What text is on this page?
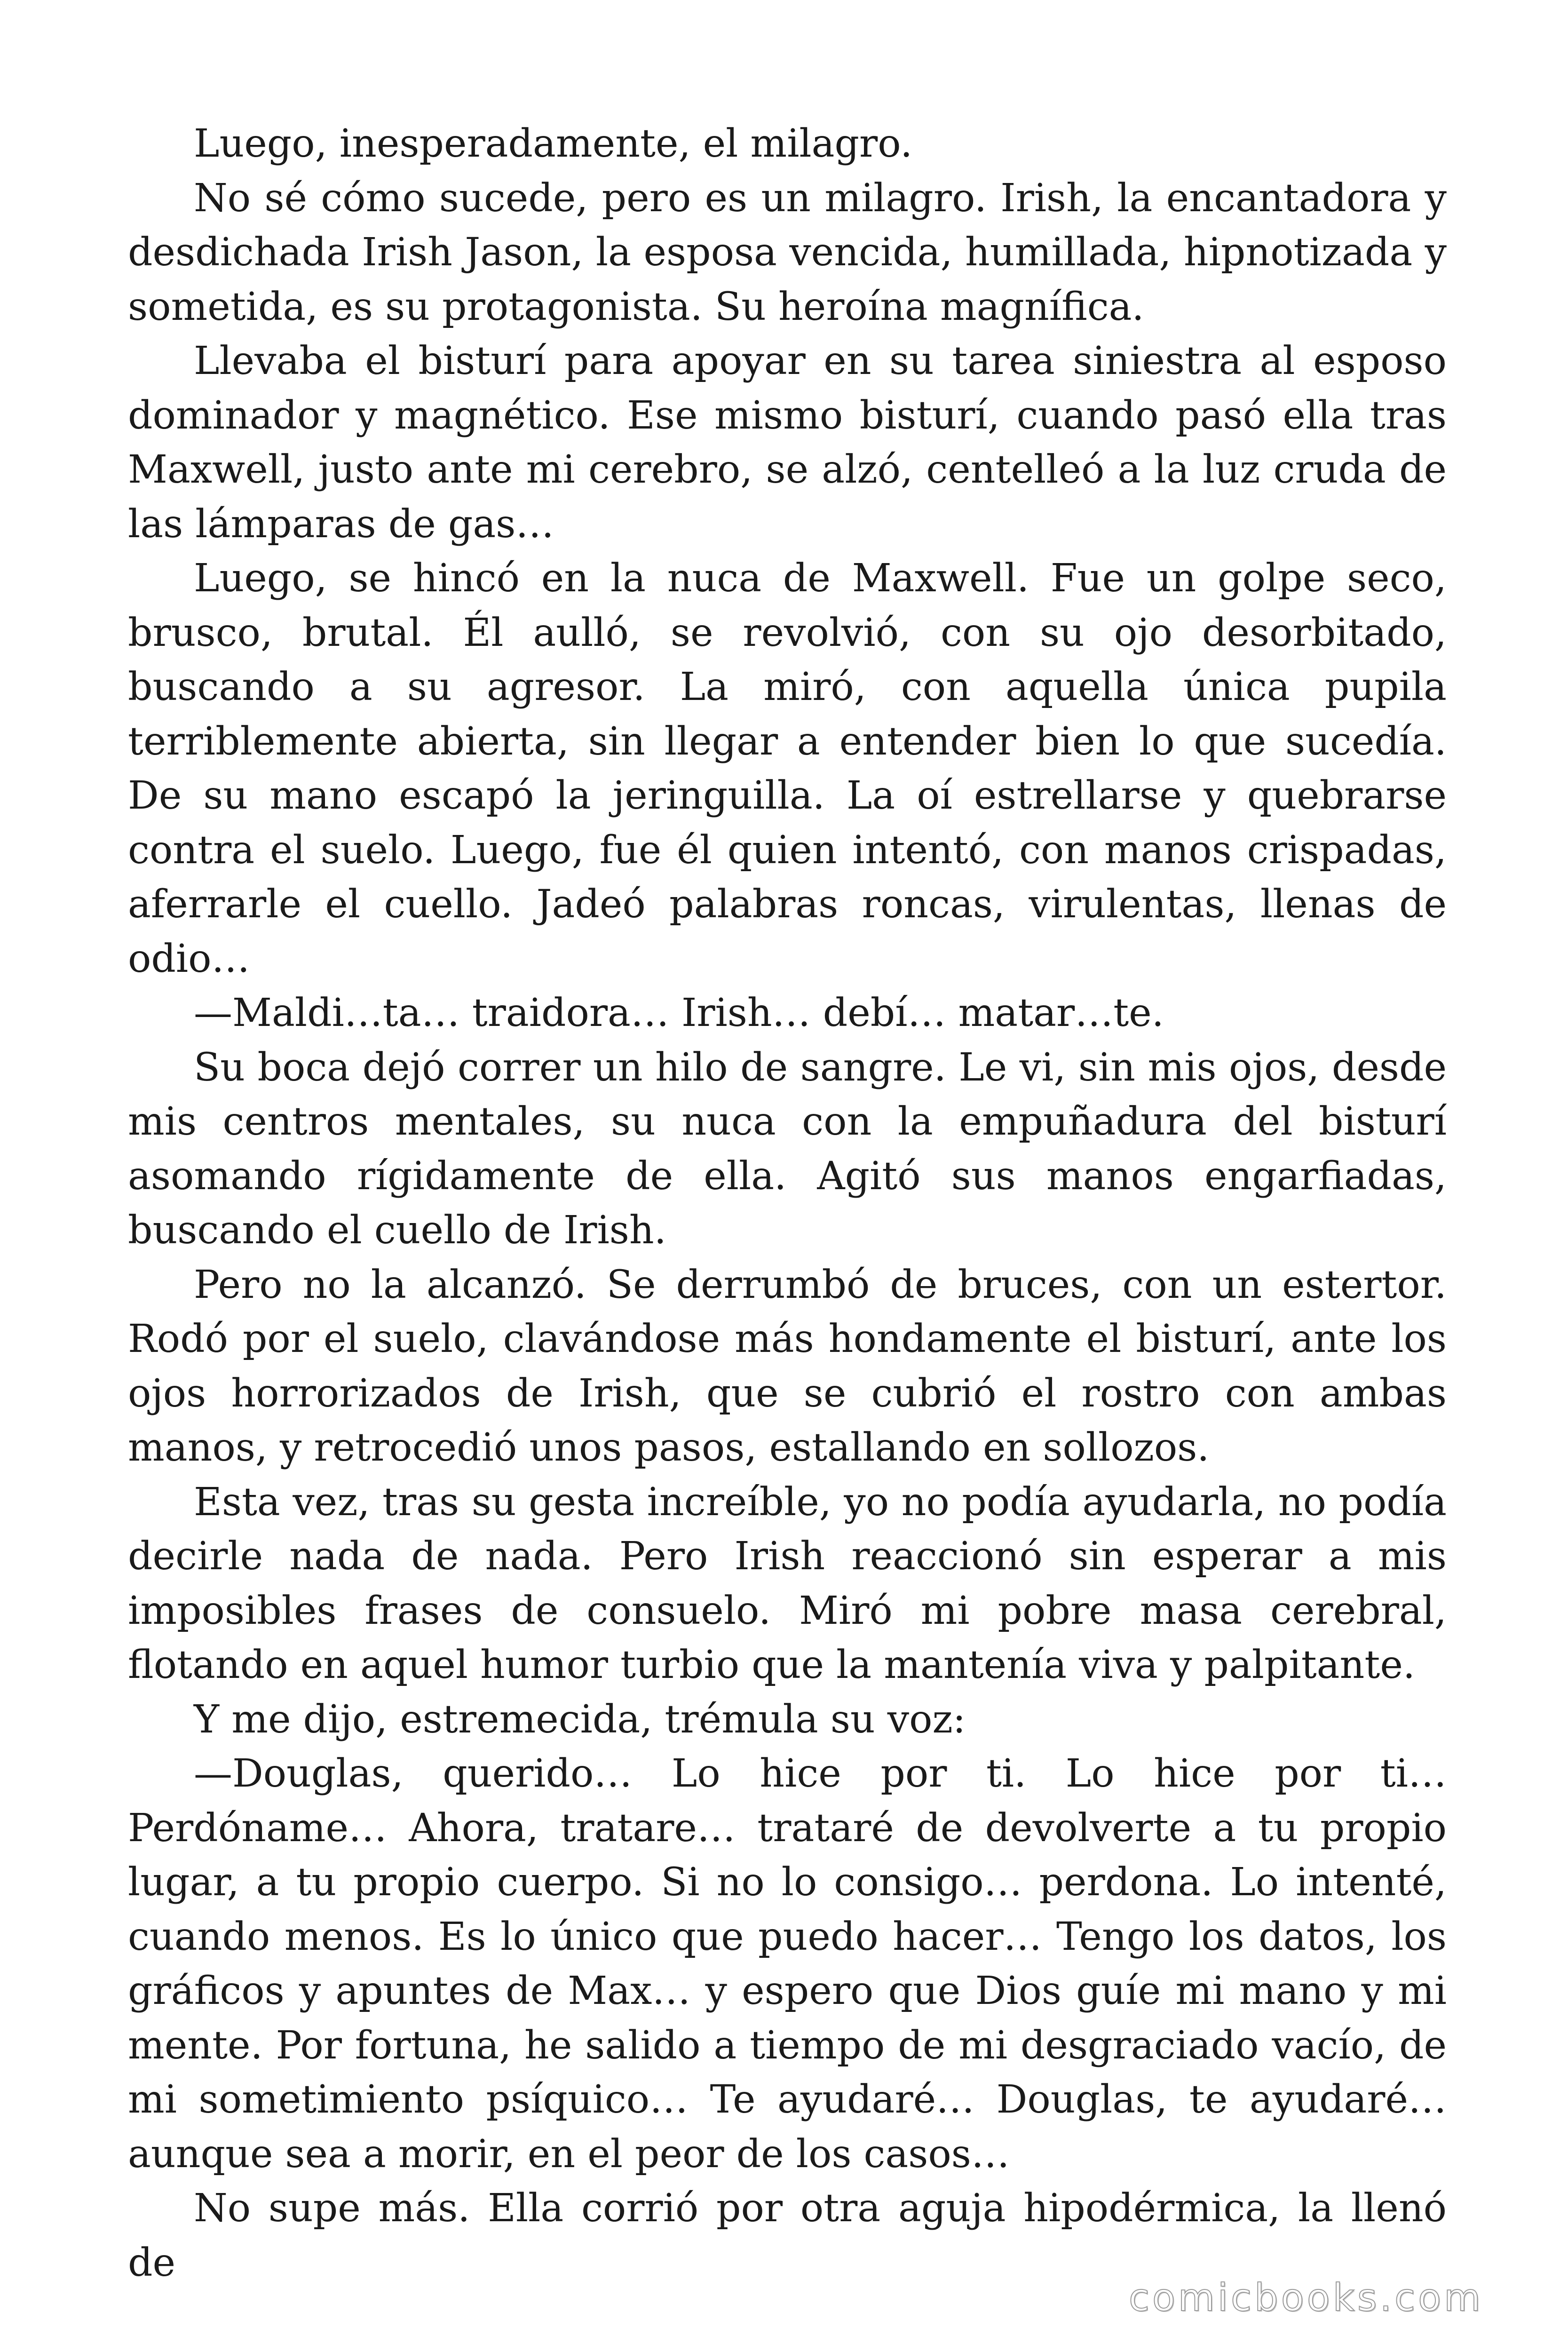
Luego, inesperadamente, el milagro.

No sé cómo sucede, pero es un milagro. Irish, la encantadora y desdichada Irish Jason, la esposa vencida, humillada, hipnotizada y sometida, es su protagonista. Su heroína magnífica.

Llevaba el bisturí para apoyar en su tarea siniestra al esposo dominador y magnético. Ese mismo bisturí, cuando pasó ella tras Maxwell, justo ante mi cerebro, se alzó, centelleó a la luz cruda de las lámparas de gas…

Luego, se hincó en la nuca de Maxwell. Fue un golpe seco, brusco, brutal. Él aulló, se revolvió, con su ojo desorbitado, buscando a su agresor. La miró, con aquella única pupila terriblemente abierta, sin llegar a entender bien lo que sucedía. De su mano escapó la jeringuilla. La oí estrellarse y quebrarse contra el suelo. Luego, fue él quien intentó, con manos crispadas, aferrarle el cuello. Jadeó palabras roncas, virulentas, llenas de odio…

—Maldi…ta… traidora… Irish… debí… matar…te.

Su boca dejó correr un hilo de sangre. Le vi, sin mis ojos, desde mis centros mentales, su nuca con la empuñadura del bisturí asomando rígidamente de ella. Agitó sus manos engarfiadas, buscando el cuello de Irish.

Pero no la alcanzó. Se derrumbó de bruces, con un estertor. Rodó por el suelo, clavándose más hondamente el bisturí, ante los ojos horrorizados de Irish, que se cubrió el rostro con ambas manos, y retrocedió unos pasos, estallando en sollozos.

Esta vez, tras su gesta increíble, yo no podía ayudarla, no podía decirle nada de nada. Pero Irish reaccionó sin esperar a mis imposibles frases de consuelo. Miró mi pobre masa cerebral, flotando en aquel humor turbio que la mantenía viva y palpitante.

Y me dijo, estremecida, trémula su voz:

—Douglas, querido… Lo hice por ti. Lo hice por ti… Perdóname… Ahora, tratare… trataré de devolverte a tu propio lugar, a tu propio cuerpo. Si no lo consigo… perdona. Lo intenté, cuando menos. Es lo único que puedo hacer… Tengo los datos, los gráficos y apuntes de Max… y espero que Dios guíe mi mano y mi mente. Por fortuna, he salido a tiempo de mi desgraciado vacío, de mi sometimiento psíquico… Te ayudaré… Douglas, te ayudaré… aunque sea a morir, en el peor de los casos…

No supe más. Ella corrió por otra aguja hipodérmica, la llenó de

comicbooks.com
